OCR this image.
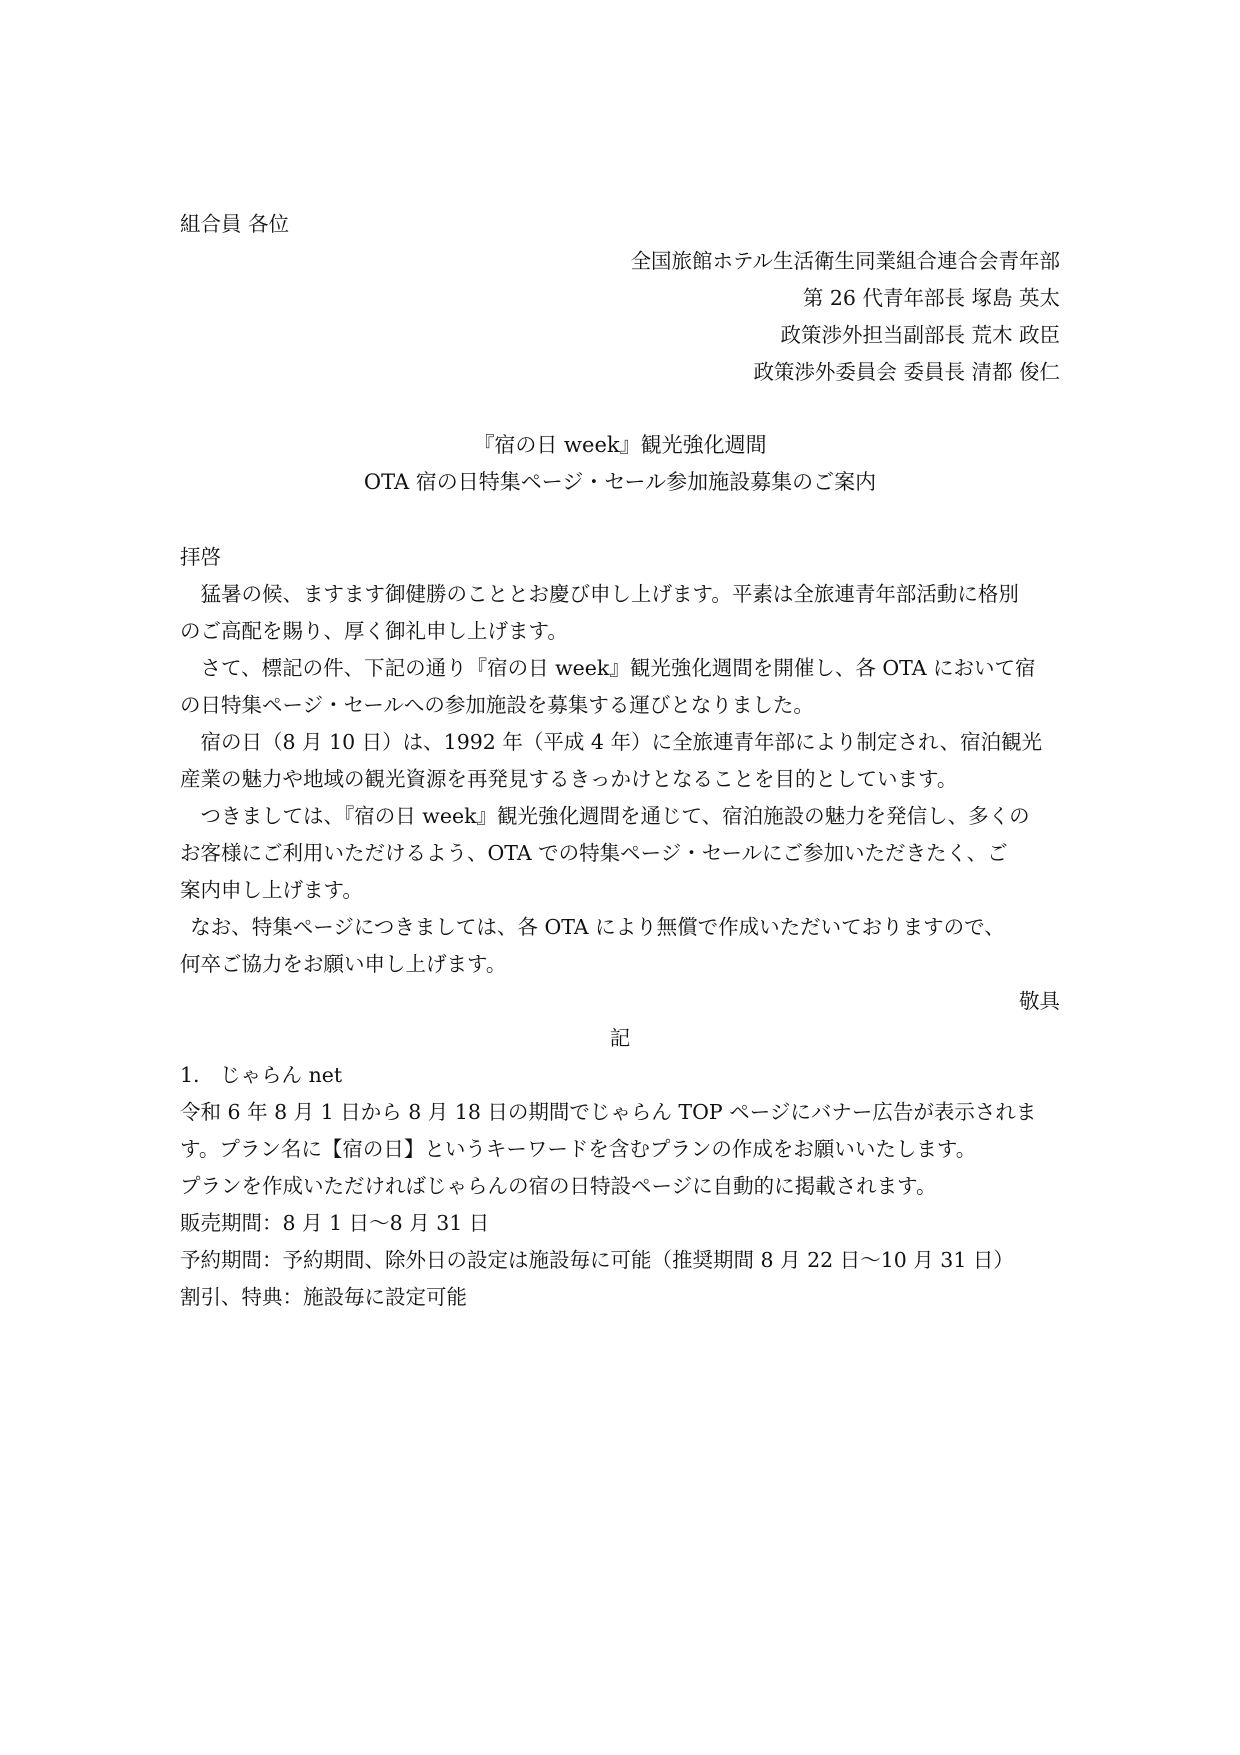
組合員 各位
全国旅館ホテル生活衛生同業組合連合会青年部
第 26 代青年部長 塚島 英太
政策渉外担当副部長 荒木 政臣
政策渉外委員会 委員長 清都 俊仁
『宿の日 week』観光強化週間
OTA 宿の日特集ページ・セール参加施設募集のご案内
拝啓
猛暑の候、ますます御健勝のこととお慶び申し上げます。平素は全旅連青年部活動に格別
のご高配を賜り、厚く御礼申し上げます。
さて、標記の件、下記の通り『宿の日 week』観光強化週間を開催し、各 OTA において宿
の日特集ページ・セールへの参加施設を募集する運びとなりました。
宿の日（8 月 10 日）は、1992 年（平成 4 年）に全旅連青年部により制定され、宿泊観光
産業の魅力や地域の観光資源を再発見するきっかけとなることを目的としています。
つきましては、『宿の日 week』観光強化週間を通じて、宿泊施設の魅力を発信し、多くの
お客様にご利用いただけるよう、OTA での特集ページ・セールにご参加いただきたく、ご
案内申し上げます。
なお、特集ページにつきましては、各 OTA により無償で作成いただいておりますので、
何卒ご協力をお願い申し上げます。
敬具
記
1.　じゃらん net
令和 6 年 8 月 1 日から 8 月 18 日の期間でじゃらん TOP ページにバナー広告が表示されま
す。プラン名に【宿の日】というキーワードを含むプランの作成をお願いいたします。
プランを作成いただければじゃらんの宿の日特設ページに自動的に掲載されます。
販売期間：8 月 1 日〜8 月 31 日
予約期間：予約期間、除外日の設定は施設毎に可能（推奨期間 8 月 22 日〜10 月 31 日）
割引、特典：施設毎に設定可能
